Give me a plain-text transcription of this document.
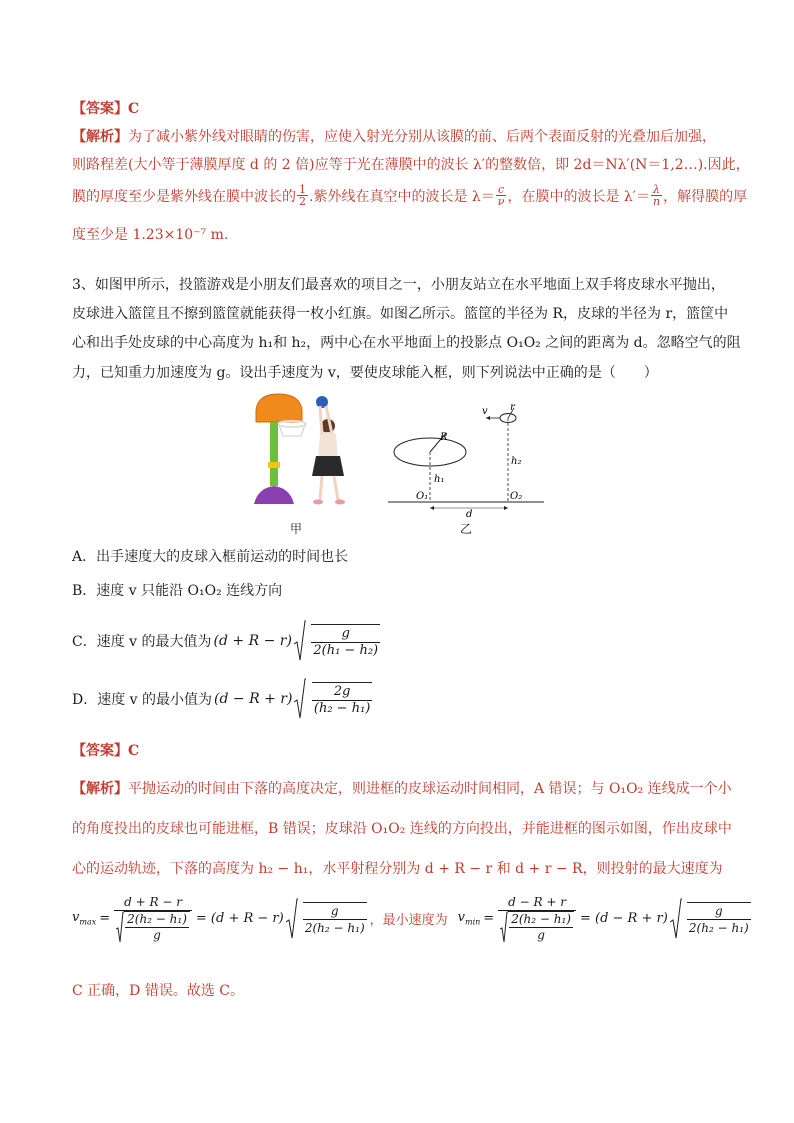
【答案】C
【解析】为了减小紫外线对眼睛的伤害，应使入射光分别从该膜的前、后两个表面反射的光叠加后加强，
则路程差(大小等于薄膜厚度 d 的 2 倍)应等于光在薄膜中的波长 λ′的整数倍，即 2d＝Nλ′(N＝1,2…).因此，
膜的厚度至少是紫外线在膜中波长的 $\frac{1}{2}$ .紫外线在真空中的波长是 $\lambda= \frac{c}{\nu}$ ，在膜中的波长是 $\lambda'= \frac{\lambda}{n}$ ，解得膜的厚
度至少是 1.23×10⁻⁷ m.
3、如图甲所示，投篮游戏是小朋友们最喜欢的项目之一，小朋友站立在水平地面上双手将皮球水平抛出，
皮球进入篮筐且不擦到篮筐就能获得一枚小红旗。如图乙所示。篮筐的半径为 R，皮球的半径为 r，篮筐中
心和出手处皮球的中心高度为 h₁和 h₂，两中心在水平地面上的投影点 O₁O₂ 之间的距离为 d。忽略空气的阻
力，已知重力加速度为 g。设出手速度为 v，要使皮球能入框，则下列说法中正确的是（　　）
甲
R
r
v
h₁
h₂
O₁	O₂
d
乙
A．出手速度大的皮球入框前运动的时间也长
B．速度 v 只能沿 O₁O₂ 连线方向
C．速度 v 的最大值为 (d + R − r)
$\frac{g}{\text{2(h₁ − h₂)}}$
D．速度 v 的最小值为 (d − R + r)
$\frac{2g}{\text{(h₂ − h₁)}}$
【答案】C
【解析】平抛运动的时间由下落的高度决定，则进框的皮球运动时间相同，A 错误；与 O₁O₂ 连线成一个小
的角度投出的皮球也可能进框，B 错误；皮球沿 O₁O₂ 连线的方向投出，并能进框的图示如图，作出皮球中
心的运动轨迹，下落的高度为 h₂ − h₁，水平射程分别为 d + R − r 和 d + r − R，则投射的最大速度为
$v_{max} = \frac{d + R - r}{\frac{\text{2(h₂ − h₁)}}{g}} = (d + R - r)$
$\frac{g}{\text{2(h₂ − h₁)}}$ ，最小速度为 $v_{min} = \frac{d - R + r}{\frac{\text{2(h₂ − h₁)}}{g}} = (d - R + r)$
$\frac{g}{\text{2(h₂ − h₁)}}$
C 正确，D 错误。故选 C。
